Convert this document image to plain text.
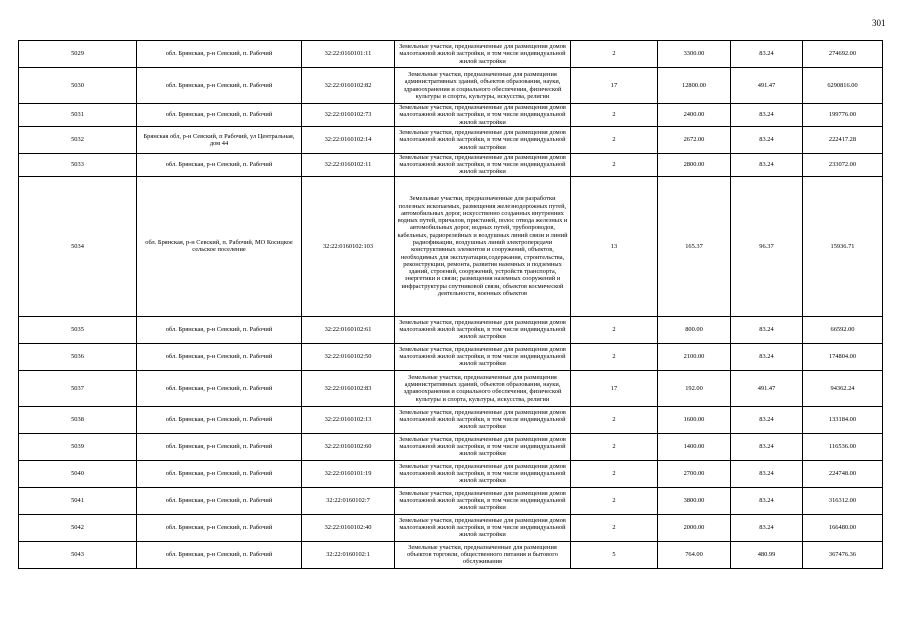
301
5029	обл. Брянская, р-н Севский, п. Рабочий	32:22:0160101:11	Земельные участки, предназначенные для размещения домов малоэтажной жилой застройки, в том числе индивидуальной жилой застройки	2	3300.00	83.24	274692.00
5030	обл. Брянская, р-н Севский, п. Рабочий	32:22:0160102:82	Земельные участки, предназначенные для размещения административных зданий, объектов образования, науки, здравоохранения и социального обеспечения, физической культуры и спорта, культуры, искусства, религии	17	12800.00	491.47	6290816.00
5031	обл. Брянская, р-н Севский, п. Рабочий	32:22:0160102:73	Земельные участки, предназначенные для размещения домов малоэтажной жилой застройки, в том числе индивидуальной жилой застройки	2	2400.00	83.24	199776.00
5032	Брянская обл, р-н Севский, п Рабочий, ул Центральная, дом 44	32:22:0160102:14	Земельные участки, предназначенные для размещения домов малоэтажной жилой застройки, в том числе индивидуальной жилой застройки	2	2672.00	83.24	222417.28
5033	обл. Брянская, р-н Севский, п. Рабочий	32:22:0160102:11	Земельные участки, предназначенные для размещения домов малоэтажной жилой застройки, в том числе индивидуальной жилой застройки	2	2800.00	83.24	233072.00
5034	обл. Брянская, р-н Севский, п. Рабочий, МО Косицкое сельское поселение	32:22:0160102:103	Земельные участки, предназначенные для разработки полезных ископаемых, размещения железнодорожных путей, автомобильных дорог, искусственно созданных внутренних водных путей, причалов, пристаней, полос отвода железных и автомобильных дорог, водных путей, трубопроводов, кабельных, радиорелейных и воздушных линий связи и линий радиофикации, воздушных линий электропередачи конструктивных элементов и сооружений, объектов, необходимых для эксплуатации,содержания, строительства, реконструкции, ремонта, развития наземных и подземных зданий, строений, сооружений, устройств транспорта, энергетики и связи; размещения наземных сооружений и инфраструктуры спутниковой связи, объектов космической деятельности, военных объектов	13	165.37	96.37	15936.71
5035	обл. Брянская, р-н Севский, п. Рабочий	32:22:0160102:61	Земельные участки, предназначенные для размещения домов малоэтажной жилой застройки, в том числе индивидуальной жилой застройки	2	800.00	83.24	66592.00
5036	обл. Брянская, р-н Севский, п. Рабочий	32:22:0160102:50	Земельные участки, предназначенные для размещения домов малоэтажной жилой застройки, в том числе индивидуальной жилой застройки	2	2100.00	83.24	174804.00
5037	обл. Брянская, р-н Севский, п. Рабочий	32:22:0160102:83	Земельные участки, предназначенные для размещения административных зданий, объектов образования, науки, здравоохранения и социального обеспечения, физической культуры и спорта, культуры, искусства, религии	17	192.00	491.47	94362.24
5038	обл. Брянская, р-н Севский, п. Рабочий	32:22:0160102:13	Земельные участки, предназначенные для размещения домов малоэтажной жилой застройки, в том числе индивидуальной жилой застройки	2	1600.00	83.24	133184.00
5039	обл. Брянская, р-н Севский, п. Рабочий	32:22:0160102:60	Земельные участки, предназначенные для размещения домов малоэтажной жилой застройки, в том числе индивидуальной жилой застройки	2	1400.00	83.24	116536.00
5040	обл. Брянская, р-н Севский, п. Рабочий	32:22:0160101:19	Земельные участки, предназначенные для размещения домов малоэтажной жилой застройки, в том числе индивидуальной жилой застройки	2	2700.00	83.24	224748.00
5041	обл. Брянская, р-н Севский, п. Рабочий	32:22:0160102:7	Земельные участки, предназначенные для размещения домов малоэтажной жилой застройки, в том числе индивидуальной жилой застройки	2	3800.00	83.24	316312.00
5042	обл. Брянская, р-н Севский, п. Рабочий	32:22:0160102:40	Земельные участки, предназначенные для размещения домов малоэтажной жилой застройки, в том числе индивидуальной жилой застройки	2	2000.00	83.24	166480.00
5043	обл. Брянская, р-н Севский, п. Рабочий	32:22:0160102:1	Земельные участки, предназначенные для размещения объектов торговли, общественного питания и бытового обслуживания	5	764.00	480.99	367476.36
